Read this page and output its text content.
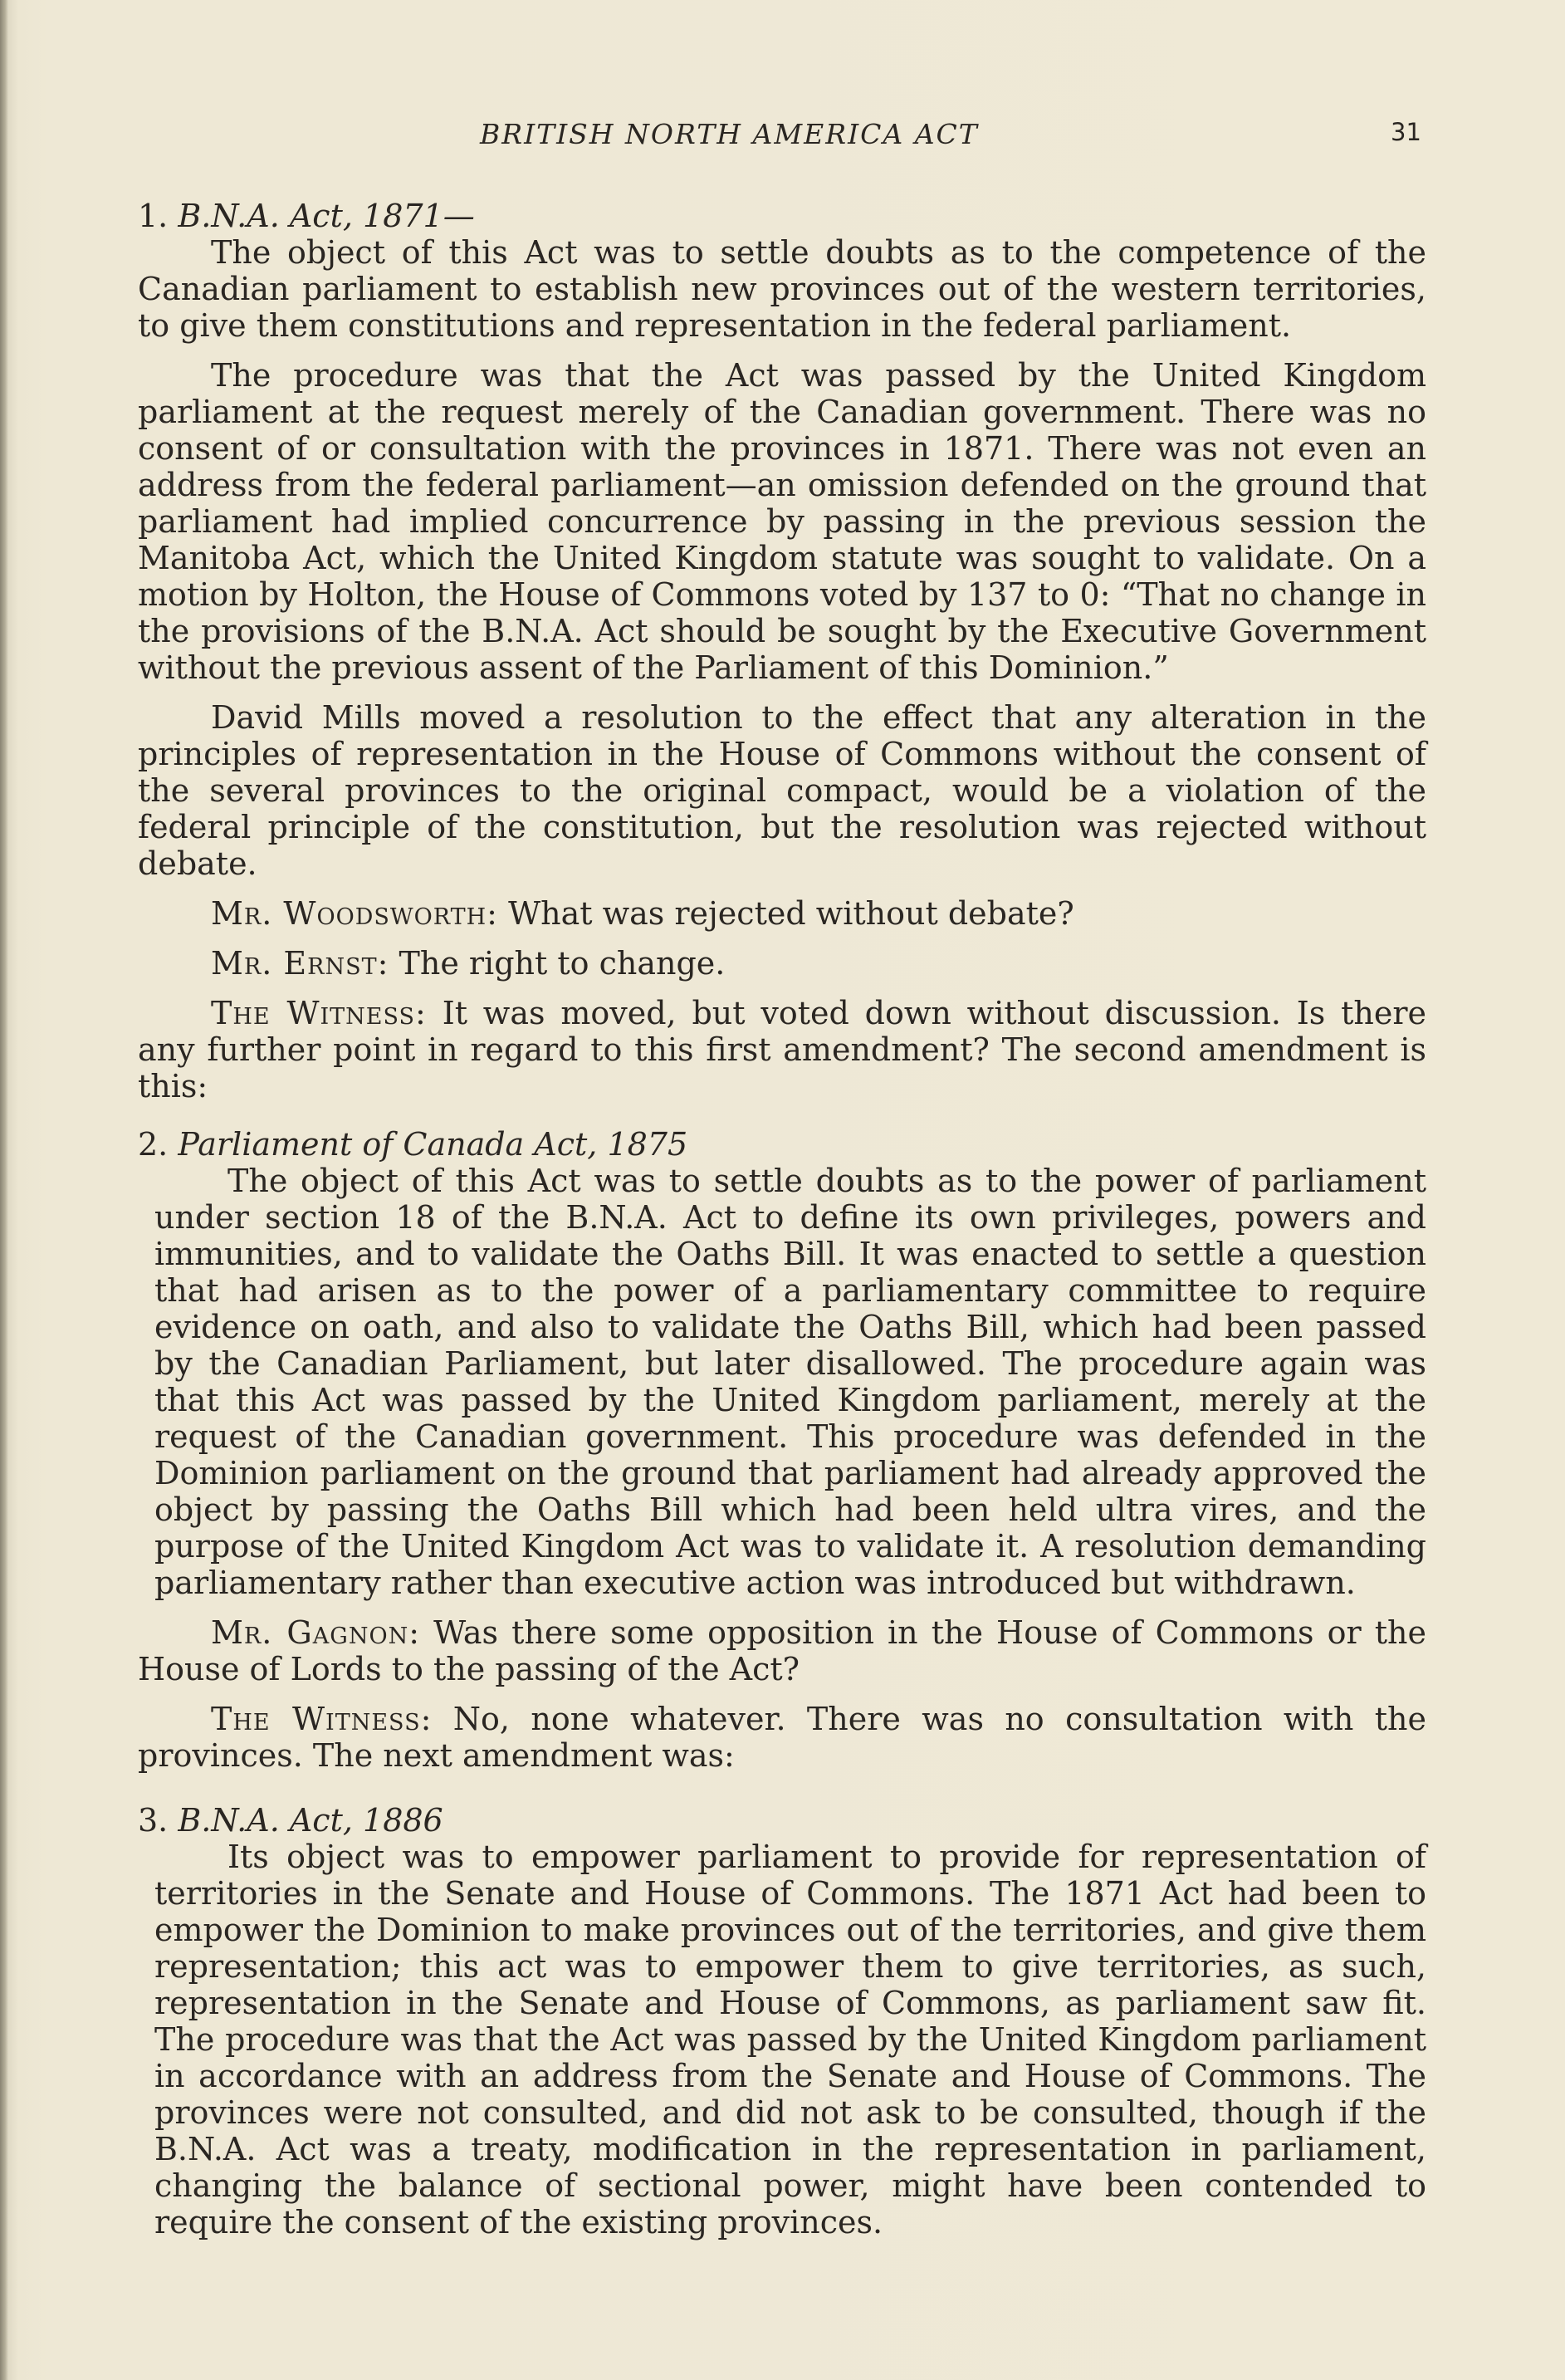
BRITISH NORTH AMERICA ACT	31
1. B.N.A. Act, 1871—

The object of this Act was to settle doubts as to the competence of the Canadian parliament to establish new provinces out of the western territories, to give them constitutions and representation in the federal parliament.

The procedure was that the Act was passed by the United Kingdom parliament at the request merely of the Canadian government. There was no consent of or consultation with the provinces in 1871. There was not even an address from the federal parliament—an omission defended on the ground that parliament had implied concurrence by passing in the previous session the Manitoba Act, which the United Kingdom statute was sought to validate. On a motion by Holton, the House of Commons voted by 137 to 0: “That no change in the provisions of the B.N.A. Act should be sought by the Executive Government without the previous assent of the Parliament of this Dominion.”

David Mills moved a resolution to the effect that any alteration in the principles of representation in the House of Commons without the consent of the several provinces to the original compact, would be a violation of the federal principle of the constitution, but the resolution was rejected without debate.

Mr. Woodsworth: What was rejected without debate?

Mr. Ernst: The right to change.

The Witness: It was moved, but voted down without discussion. Is there any further point in regard to this first amendment? The second amendment is this:

2. Parliament of Canada Act, 1875

The object of this Act was to settle doubts as to the power of parliament under section 18 of the B.N.A. Act to define its own privileges, powers and immunities, and to validate the Oaths Bill. It was enacted to settle a question that had arisen as to the power of a parliamentary committee to require evidence on oath, and also to validate the Oaths Bill, which had been passed by the Canadian Parliament, but later disallowed. The procedure again was that this Act was passed by the United Kingdom parliament, merely at the request of the Canadian government. This procedure was defended in the Dominion parliament on the ground that parliament had already approved the object by passing the Oaths Bill which had been held ultra vires, and the purpose of the United Kingdom Act was to validate it. A resolution demanding parliamentary rather than executive action was introduced but withdrawn.

Mr. Gagnon: Was there some opposition in the House of Commons or the House of Lords to the passing of the Act?

The Witness: No, none whatever. There was no consultation with the provinces. The next amendment was:

3. B.N.A. Act, 1886

Its object was to empower parliament to provide for representation of territories in the Senate and House of Commons. The 1871 Act had been to empower the Dominion to make provinces out of the territories, and give them representation; this act was to empower them to give territories, as such, representation in the Senate and House of Commons, as parliament saw fit. The procedure was that the Act was passed by the United Kingdom parliament in accordance with an address from the Senate and House of Commons. The provinces were not consulted, and did not ask to be consulted, though if the B.N.A. Act was a treaty, modification in the representation in parliament, changing the balance of sectional power, might have been contended to require the consent of the existing provinces.
